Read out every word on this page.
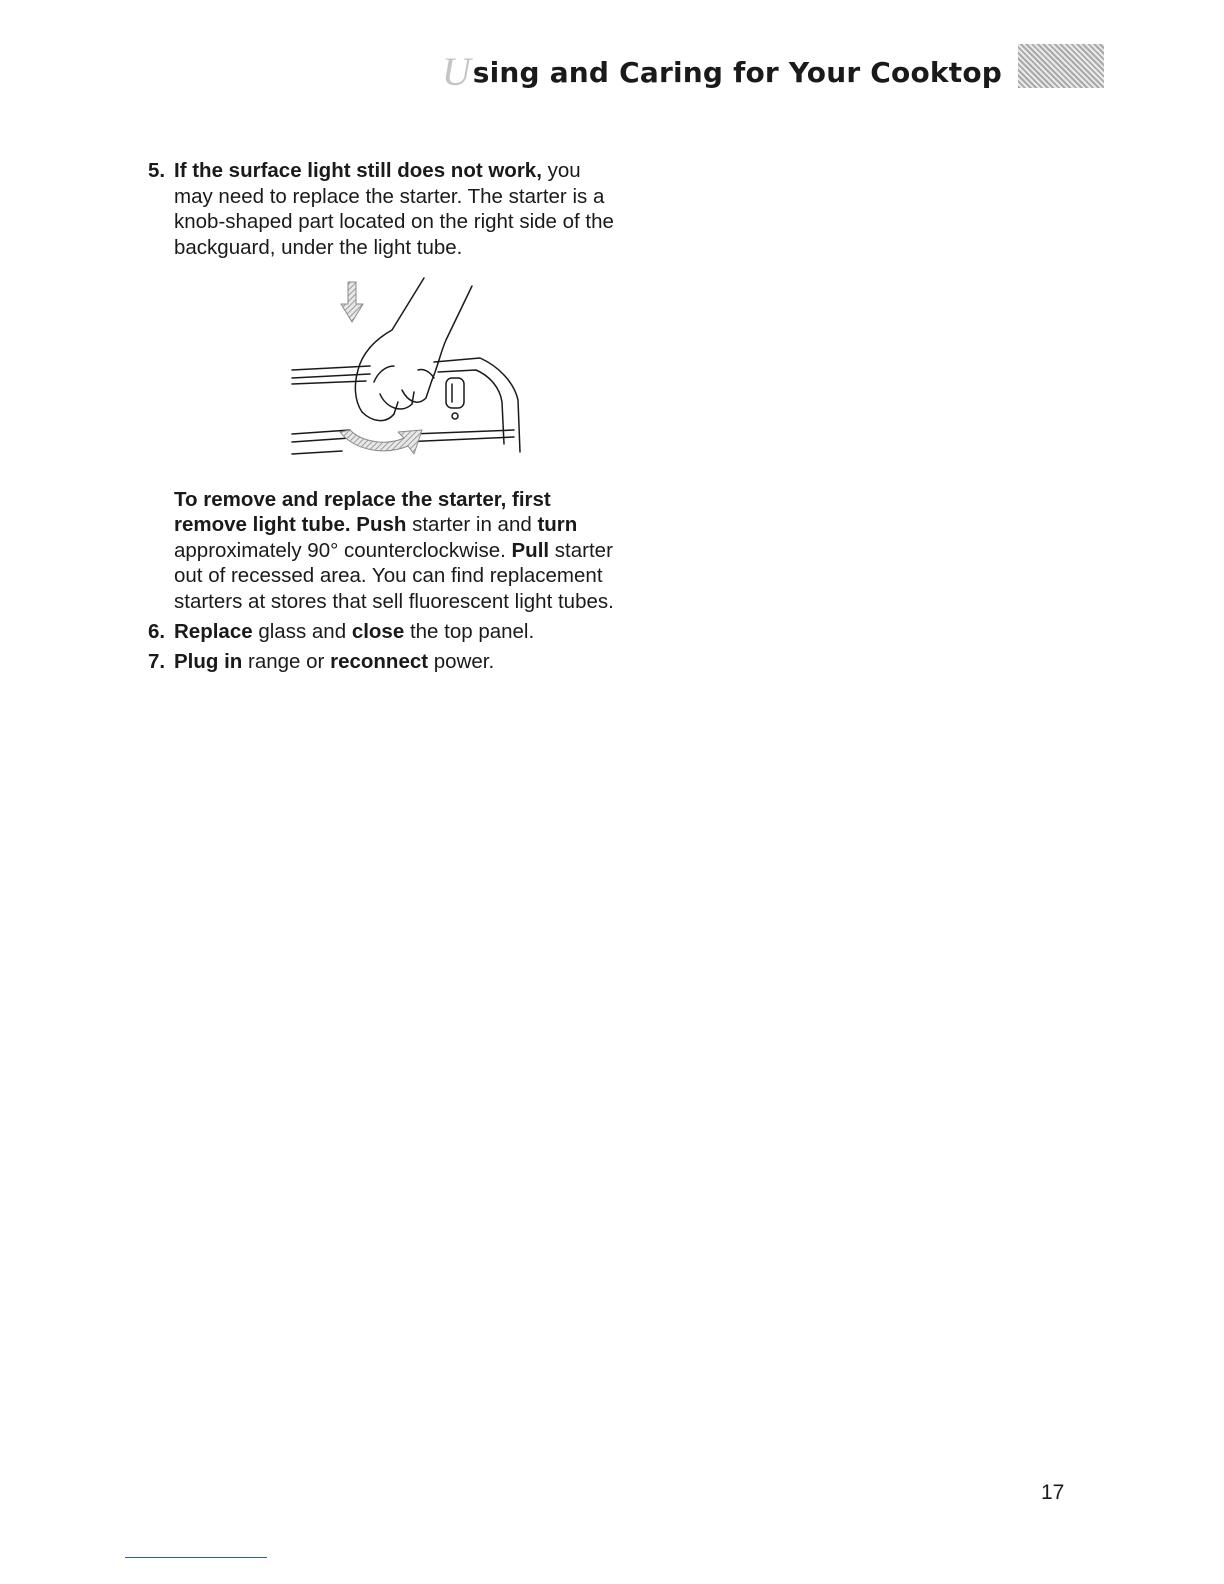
U sing and Caring for Your Cooktop
5. If the surface light still does not work, you may need to replace the starter. The starter is a knob-shaped part located on the right side of the backguard, under the light tube.
To remove and replace the starter, first remove light tube. Push starter in and turn approximately 90° counterclockwise. Pull starter out of recessed area. You can find replacement starters at stores that sell fluorescent light tubes.
6. Replace glass and close the top panel.
7. Plug in range or reconnect power.
17
